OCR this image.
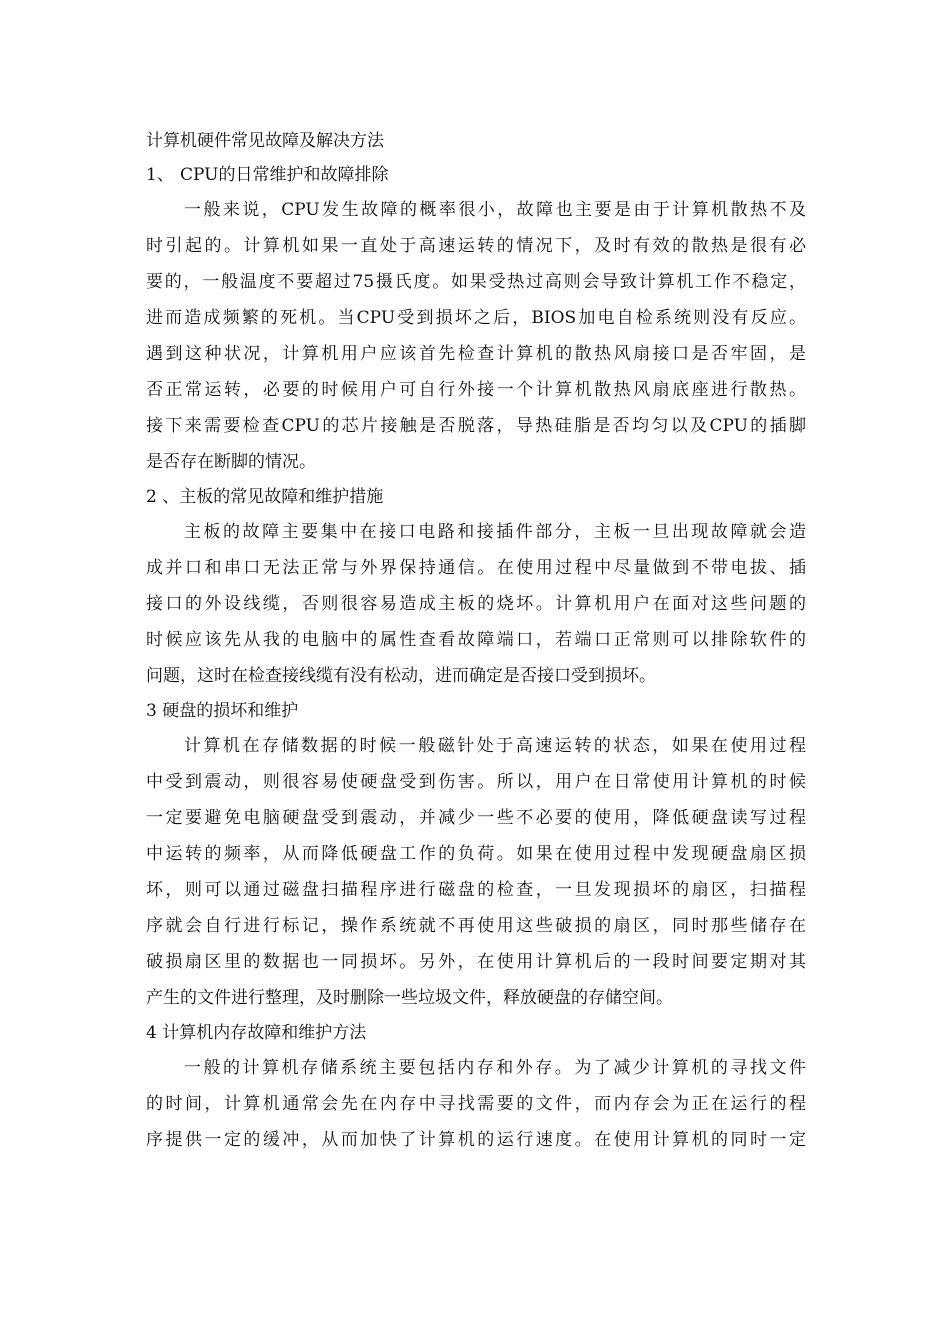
计算机硬件常见故障及解决方法
1、 CPU的日常维护和故障排除
一般来说，CPU发生故障的概率很小，故障也主要是由于计算机散热不及
时引起的。计算机如果一直处于高速运转的情况下，及时有效的散热是很有必
要的，一般温度不要超过75摄氏度。如果受热过高则会导致计算机工作不稳定，
进而造成频繁的死机。当CPU受到损坏之后，BIOS加电自检系统则没有反应。
遇到这种状况，计算机用户应该首先检查计算机的散热风扇接口是否牢固，是
否正常运转，必要的时候用户可自行外接一个计算机散热风扇底座进行散热。
接下来需要检查CPU的芯片接触是否脱落，导热硅脂是否均匀以及CPU的插脚
是否存在断脚的情况。
2 、主板的常见故障和维护措施
主板的故障主要集中在接口电路和接插件部分，主板一旦出现故障就会造
成并口和串口无法正常与外界保持通信。在使用过程中尽量做到不带电拔、插
接口的外设线缆，否则很容易造成主板的烧坏。计算机用户在面对这些问题的
时候应该先从我的电脑中的属性查看故障端口，若端口正常则可以排除软件的
问题，这时在检查接线缆有没有松动，进而确定是否接口受到损坏。
3 硬盘的损坏和维护
计算机在存储数据的时候一般磁针处于高速运转的状态，如果在使用过程
中受到震动，则很容易使硬盘受到伤害。所以，用户在日常使用计算机的时候
一定要避免电脑硬盘受到震动，并减少一些不必要的使用，降低硬盘读写过程
中运转的频率，从而降低硬盘工作的负荷。如果在使用过程中发现硬盘扇区损
坏，则可以通过磁盘扫描程序进行磁盘的检查，一旦发现损坏的扇区，扫描程
序就会自行进行标记，操作系统就不再使用这些破损的扇区，同时那些储存在
破损扇区里的数据也一同损坏。另外，在使用计算机后的一段时间要定期对其
产生的文件进行整理，及时删除一些垃圾文件，释放硬盘的存储空间。
4 计算机内存故障和维护方法
一般的计算机存储系统主要包括内存和外存。为了减少计算机的寻找文件
的时间，计算机通常会先在内存中寻找需要的文件，而内存会为正在运行的程
序提供一定的缓冲，从而加快了计算机的运行速度。在使用计算机的同时一定
